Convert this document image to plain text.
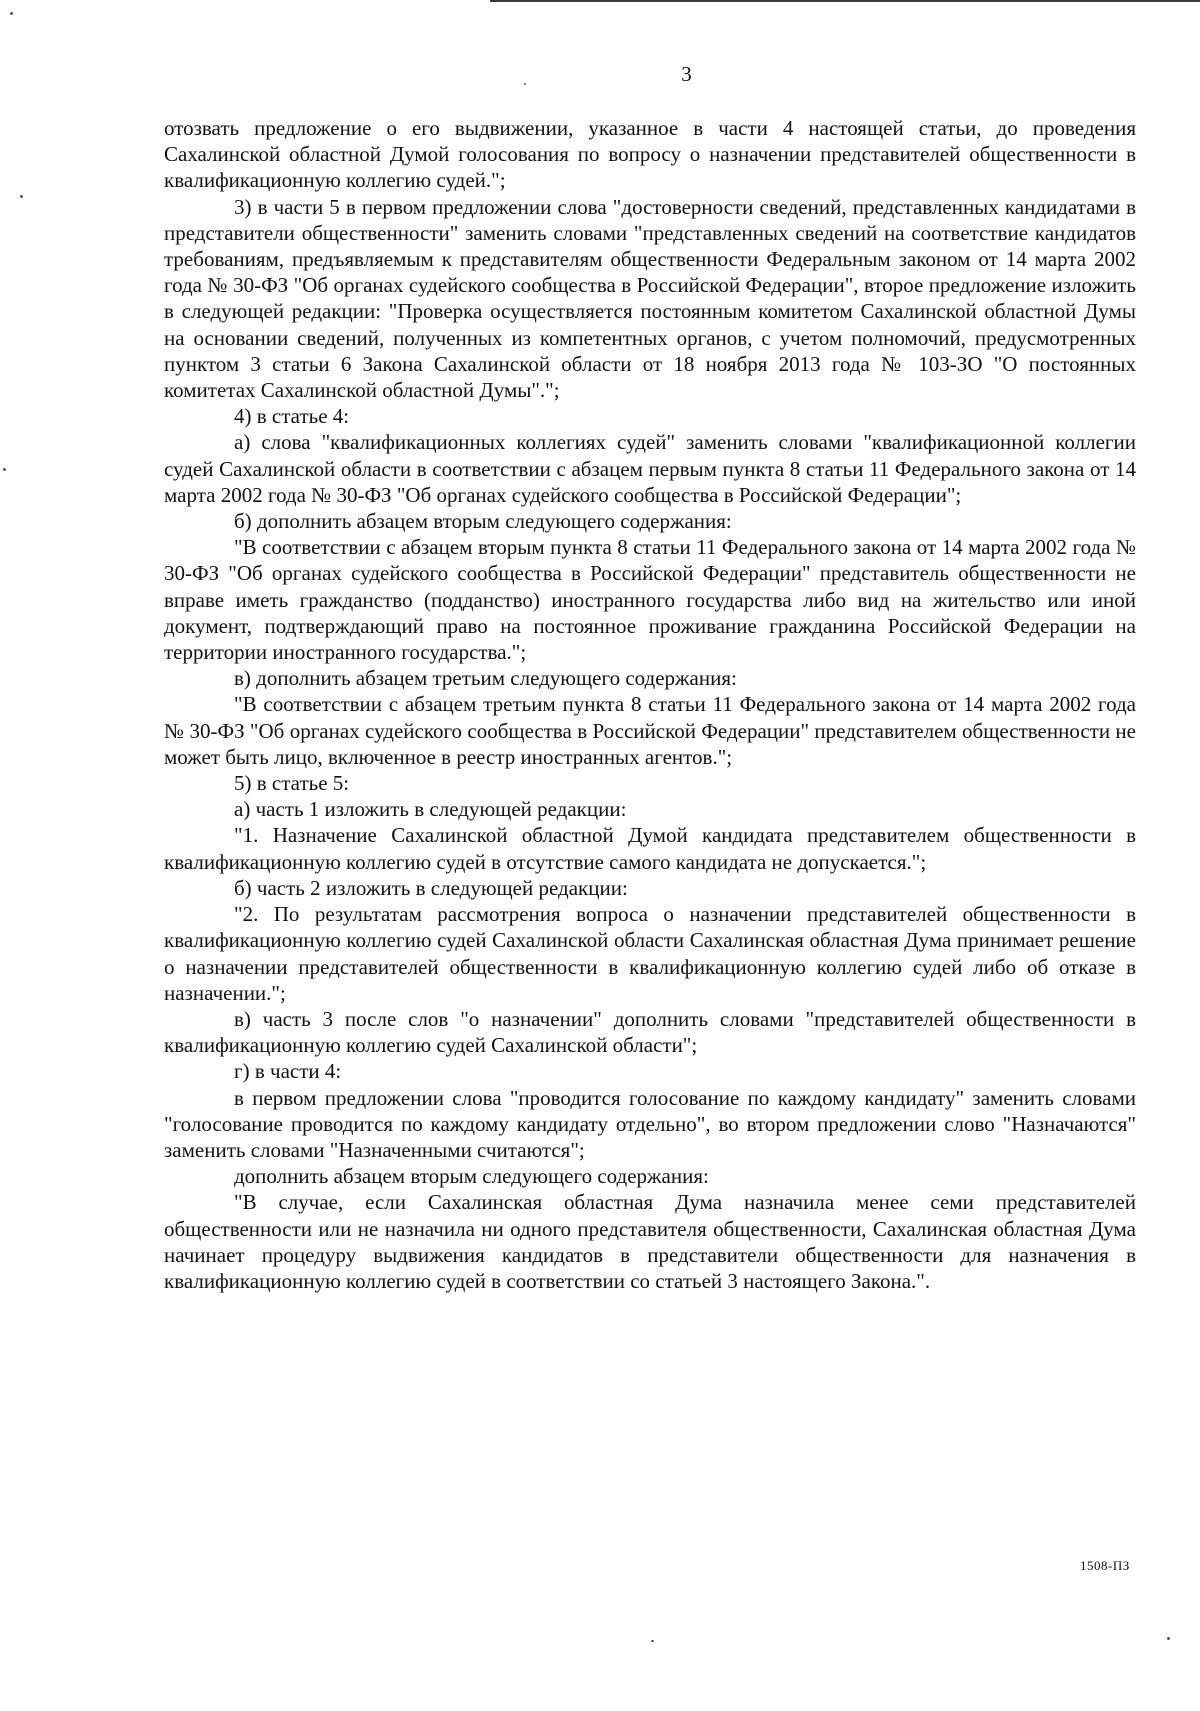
3

отозвать предложение о его выдвижении, указанное в части 4 настоящей статьи, до проведения Сахалинской областной Думой голосования по вопросу о назначении представителей общественности в квалификационную коллегию судей.";

3) в части 5 в первом предложении слова "достоверности сведений, представленных кандидатами в представители общественности" заменить словами "представленных сведений на соответствие кандидатов требованиям, предъявляемым к представителям общественности Федеральным законом от 14 марта 2002 года № 30-ФЗ "Об органах судейского сообщества в Российской Федерации", второе предложение изложить в следующей редакции: "Проверка осуществляется постоянным комитетом Сахалинской областной Думы на основании сведений, полученных из компетентных органов, с учетом полномочий, предусмотренных пунктом 3 статьи 6 Закона Сахалинской области от 18 ноября 2013 года № 103-ЗО "О постоянных комитетах Сахалинской областной Думы".";

4) в статье 4:

а) слова "квалификационных коллегиях судей" заменить словами "квалификационной коллегии судей Сахалинской области в соответствии с абзацем первым пункта 8 статьи 11 Федерального закона от 14 марта 2002 года № 30-ФЗ "Об органах судейского сообщества в Российской Федерации";

б) дополнить абзацем вторым следующего содержания:

"В соответствии с абзацем вторым пункта 8 статьи 11 Федерального закона от 14 марта 2002 года № 30-ФЗ "Об органах судейского сообщества в Российской Федерации" представитель общественности не вправе иметь гражданство (подданство) иностранного государства либо вид на жительство или иной документ, подтверждающий право на постоянное проживание гражданина Российской Федерации на территории иностранного государства.";

в) дополнить абзацем третьим следующего содержания:

"В соответствии с абзацем третьим пункта 8 статьи 11 Федерального закона от 14 марта 2002 года № 30-ФЗ "Об органах судейского сообщества в Российской Федерации" представителем общественности не может быть лицо, включенное в реестр иностранных агентов.";

5) в статье 5:

а) часть 1 изложить в следующей редакции:

"1. Назначение Сахалинской областной Думой кандидата представителем общественности в квалификационную коллегию судей в отсутствие самого кандидата не допускается.";

б) часть 2 изложить в следующей редакции:

"2. По результатам рассмотрения вопроса о назначении представителей общественности в квалификационную коллегию судей Сахалинской области Сахалинская областная Дума принимает решение о назначении представителей общественности в квалификационную коллегию судей либо об отказе в назначении.";

в) часть 3 после слов "о назначении" дополнить словами "представителей общественности в квалификационную коллегию судей Сахалинской области";

г) в части 4:

в первом предложении слова "проводится голосование по каждому кандидату" заменить словами "голосование проводится по каждому кандидату отдельно", во втором предложении слово "Назначаются" заменить словами "Назначенными считаются";

дополнить абзацем вторым следующего содержания:

"В случае, если Сахалинская областная Дума назначила менее семи представителей общественности или не назначила ни одного представителя общественности, Сахалинская областная Дума начинает процедуру выдвижения кандидатов в представители общественности для назначения в квалификационную коллегию судей в соответствии со статьей 3 настоящего Закона.".

1508-ПЗ
